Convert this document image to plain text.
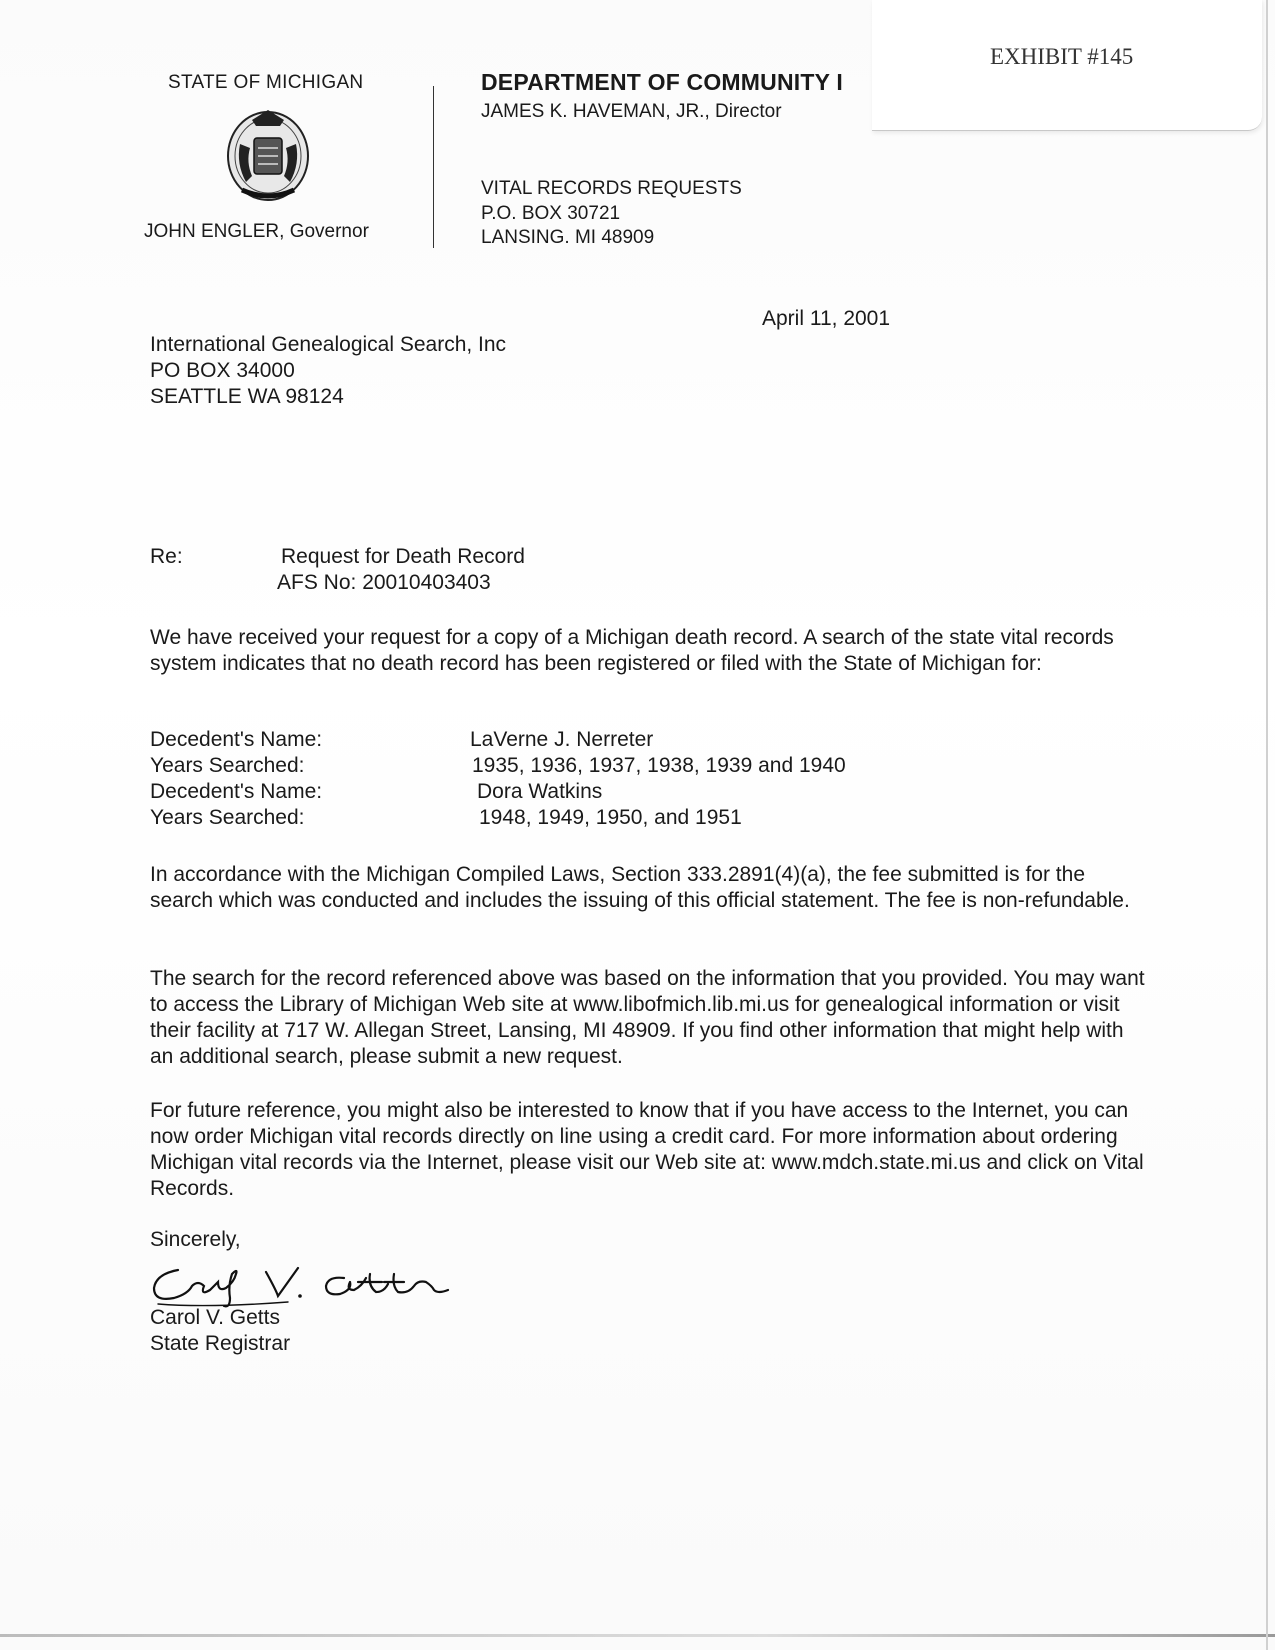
EXHIBIT #145
STATE OF MICHIGAN
JOHN ENGLER, Governor
DEPARTMENT OF COMMUNITY I
JAMES K. HAVEMAN, JR., Director
VITAL RECORDS REQUESTS
P.O. BOX 30721
LANSING. MI 48909
April 11, 2001
International Genealogical Search, Inc
PO BOX 34000
SEATTLE WA 98124
Re:	Request for Death Record
AFS No: 20010403403
We have received your request for a copy of a Michigan death record. A search of the state vital records system indicates that no death record has been registered or filed with the State of Michigan for:
Decedent's Name:	LaVerne J. Nerreter
Years Searched:	1935, 1936, 1937, 1938, 1939 and 1940
Decedent's Name:	Dora Watkins
Years Searched:	1948, 1949, 1950, and 1951
In accordance with the Michigan Compiled Laws, Section 333.2891(4)(a), the fee submitted is for the search which was conducted and includes the issuing of this official statement. The fee is non-refundable.
The search for the record referenced above was based on the information that you provided. You may want to access the Library of Michigan Web site at www.libofmich.lib.mi.us for genealogical information or visit their facility at 717 W. Allegan Street, Lansing, MI 48909. If you find other information that might help with an additional search, please submit a new request.
For future reference, you might also be interested to know that if you have access to the Internet, you can now order Michigan vital records directly on line using a credit card. For more information about ordering Michigan vital records via the Internet, please visit our Web site at: www.mdch.state.mi.us and click on Vital Records.
Sincerely,
Carol V. Getts
State Registrar
